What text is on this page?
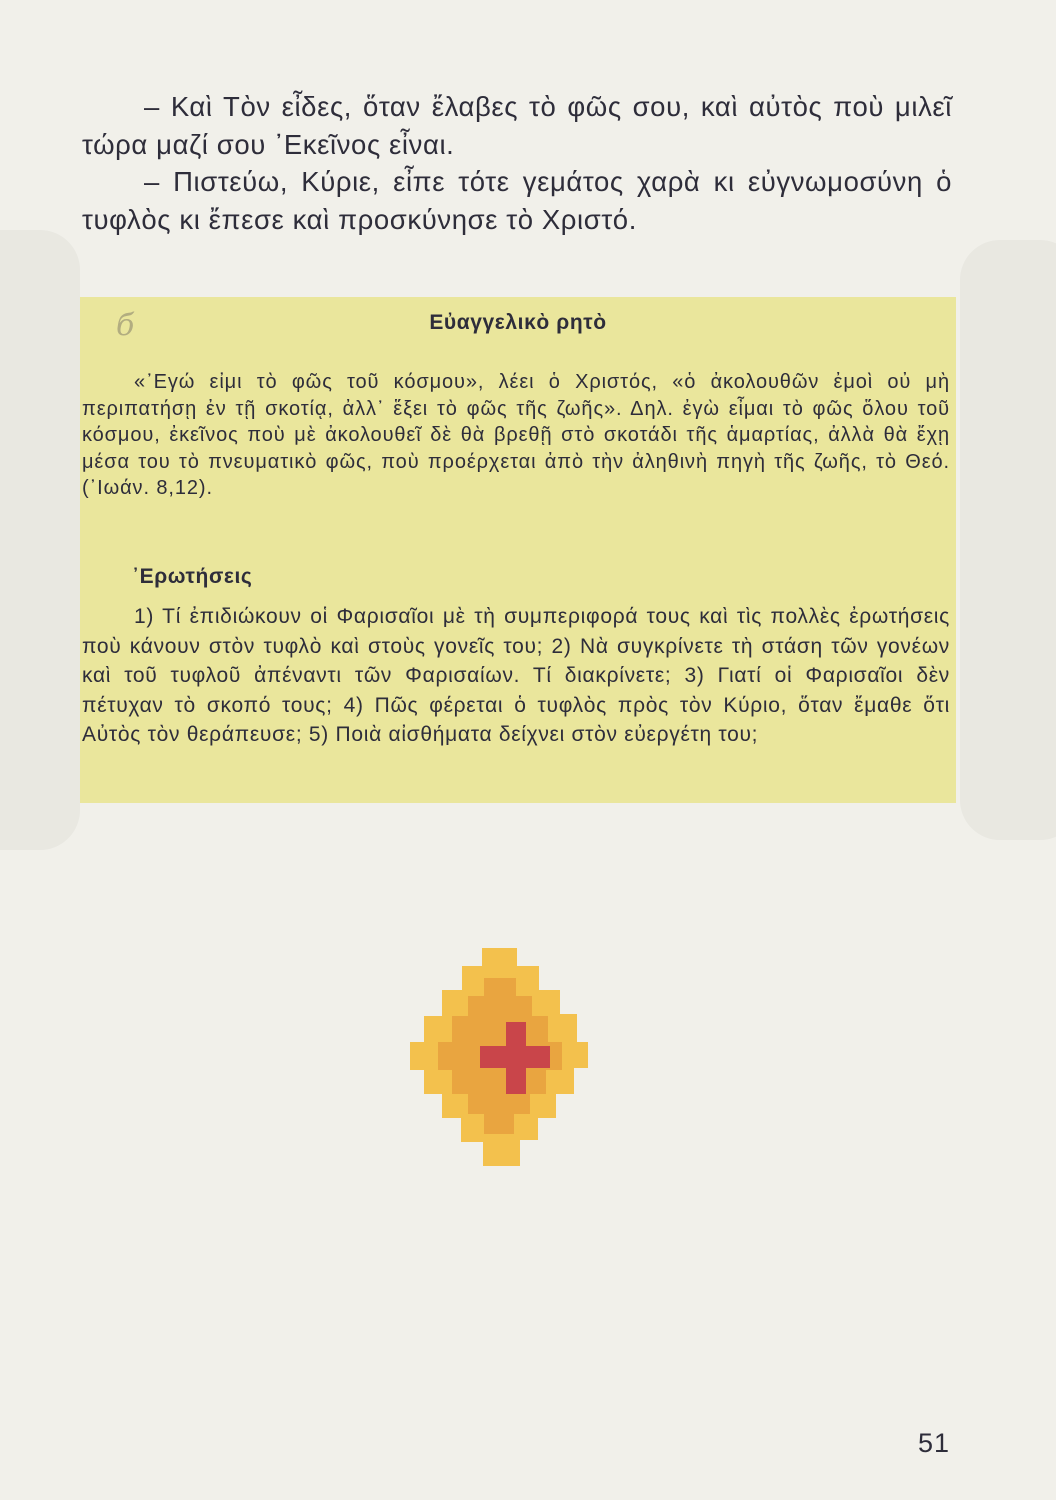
– Καὶ Τὸν εἶδες, ὅταν ἔλαβες τὸ φῶς σου, καὶ αὐτὸς ποὺ μιλεῖ τώρα μαζί σου ᾿Εκεῖνος εἶναι.

– Πιστεύω, Κύριε, εἶπε τότε γεμάτος χαρὰ κι εὐγνωμοσύνη ὁ τυφλὸς κι ἔπεσε καὶ προσκύνησε τὸ Χριστό.

б	Εὐαγγελικὸ ρητὸ

«᾿Εγώ εἰμι τὸ φῶς τοῦ κόσμου», λέει ὁ Χριστός, «ὁ ἀκολουθῶν ἐμοὶ οὐ μὴ περιπατήσῃ ἐν τῇ σκοτίᾳ, ἀλλ᾿ ἕξει τὸ φῶς τῆς ζωῆς». Δηλ. ἐγὼ εἶμαι τὸ φῶς ὅλου τοῦ κόσμου, ἐκεῖνος ποὺ μὲ ἀκολουθεῖ δὲ θὰ βρεθῇ στὸ σκοτάδι τῆς ἁμαρτίας, ἀλλὰ θὰ ἔχῃ μέσα του τὸ πνευματικὸ φῶς, ποὺ προέρχεται ἀπὸ τὴν ἀληθινὴ πηγὴ τῆς ζωῆς, τὸ Θεό. (᾿Ιωάν. 8,12).

᾿Ερωτήσεις

1) Τί ἐπιδιώκουν οἱ Φαρισαῖοι μὲ τὴ συμπεριφορά τους καὶ τὶς πολλὲς ἐρωτήσεις ποὺ κάνουν στὸν τυφλὸ καὶ στοὺς γονεῖς του; 2) Νὰ συγκρίνετε τὴ στάση τῶν γονέων καὶ τοῦ τυφλοῦ ἀπέναντι τῶν Φαρισαίων. Τί διακρίνετε; 3) Γιατί οἱ Φαρισαῖοι δὲν πέτυχαν τὸ σκοπό τους; 4) Πῶς φέρεται ὁ τυφλὸς πρὸς τὸν Κύριο, ὅταν ἔμαθε ὅτι Αὐτὸς τὸν θεράπευσε; 5) Ποιὰ αἰσθήματα δείχνει στὸν εὐεργέτη του;

51
